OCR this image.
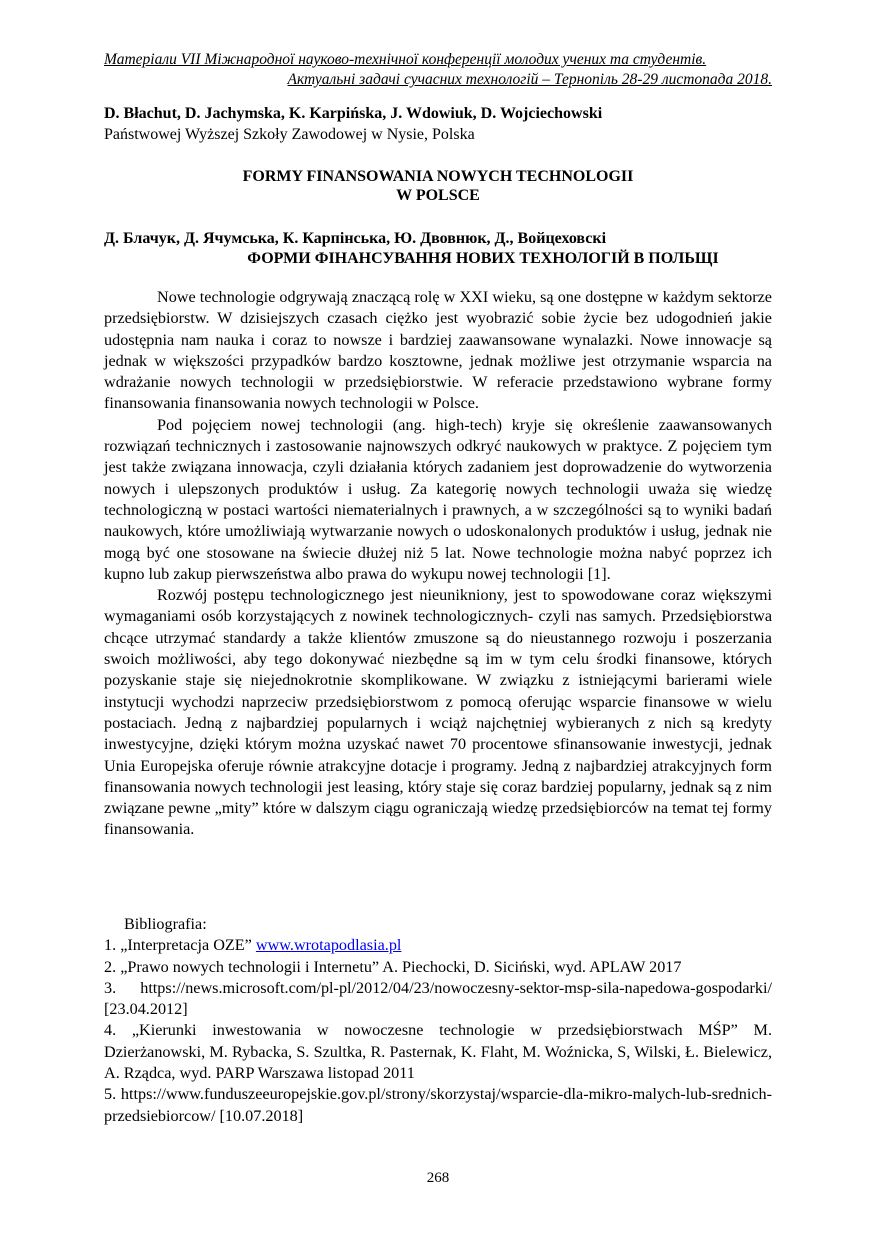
Матеріали VII Міжнародної науково-технічної конференції молодих учених та студентів.
Актуальні задачі сучасних технологій – Тернопіль 28-29 листопада 2018.
D. Błachut, D. Jachymska, K. Karpińska, J. Wdowiuk, D. Wojciechowski
Państwowej Wyższej Szkoły Zawodowej w Nysie, Polska
FORMY FINANSOWANIA NOWYCH TECHNOLOGII
W POLSCE
Д. Блачук, Д. Ячумська, К. Карпінська, Ю. Двовнюк, Д., Войцеховскі
ФОРМИ ФІНАНСУВАННЯ НОВИХ ТЕХНОЛОГІЙ В ПОЛЬЩІ

Nowe technologie odgrywają znaczącą rolę w XXI wieku, są one dostępne w każdym sektorze przedsiębiorstw. W dzisiejszych czasach ciężko jest wyobrazić sobie życie bez udogodnień jakie udostępnia nam nauka i coraz to nowsze i bardziej zaawansowane wynalazki. Nowe innowacje są jednak w większości przypadków bardzo kosztowne, jednak możliwe jest otrzymanie wsparcia na wdrażanie nowych technologii w przedsiębiorstwie. W referacie przedstawiono wybrane formy finansowania finansowania nowych technologii w Polsce.

Pod pojęciem nowej technologii (ang. high-tech) kryje się określenie zaawansowanych rozwiązań technicznych i zastosowanie najnowszych odkryć naukowych w praktyce. Z pojęciem tym jest także związana innowacja, czyli działania których zadaniem jest doprowadzenie do wytworzenia nowych i ulepszonych produktów i usług. Za kategorię nowych technologii uważa się wiedzę technologiczną w postaci wartości niematerialnych i prawnych, a w szczególności są to wyniki badań naukowych, które umożliwiają wytwarzanie nowych o udoskonalonych produktów i usług, jednak nie mogą być one stosowane na świecie dłużej niż 5 lat. Nowe technologie można nabyć poprzez ich kupno lub zakup pierwszeństwa albo prawa do wykupu nowej technologii [1].

Rozwój postępu technologicznego jest nieunikniony, jest to spowodowane coraz większymi wymaganiami osób korzystających z nowinek technologicznych- czyli nas samych. Przedsiębiorstwa chcące utrzymać standardy a także klientów zmuszone są do nieustannego rozwoju i poszerzania swoich możliwości, aby tego dokonywać niezbędne są im w tym celu środki finansowe, których pozyskanie staje się niejednokrotnie skomplikowane. W związku z istniejącymi barierami wiele instytucji wychodzi naprzeciw przedsiębiorstwom z pomocą oferując wsparcie finansowe w wielu postaciach. Jedną z najbardziej popularnych i wciąż najchętniej wybieranych z nich są kredyty inwestycyjne, dzięki którym można uzyskać nawet 70 procentowe sfinansowanie inwestycji, jednak Unia Europejska oferuje równie atrakcyjne dotacje i programy. Jedną z najbardziej atrakcyjnych form finansowania nowych technologii jest leasing, który staje się coraz bardziej popularny, jednak są z nim związane pewne „mity” które w dalszym ciągu ograniczają wiedzę przedsiębiorców na temat tej formy finansowania.

Bibliografia:
1. „Interpretacja OZE” www.wrotapodlasia.pl
2. „Prawo nowych technologii i Internetu” A. Piechocki, D. Siciński, wyd. APLAW 2017
3. https://news.microsoft.com/pl-pl/2012/04/23/nowoczesny-sektor-msp-sila-napedowa-gospodarki/ [23.04.2012]
4. „Kierunki inwestowania w nowoczesne technologie w przedsiębiorstwach MŚP” M. Dzierżanowski, M. Rybacka, S. Szultka, R. Pasternak, K. Flaht, M. Woźnicka, S, Wilski, Ł. Bielewicz, A. Rządca, wyd. PARP Warszawa listopad 2011
5. https://www.funduszeeuropejskie.gov.pl/strony/skorzystaj/wsparcie-dla-mikro-malych-lub-srednich-przedsiebiorcow/ [10.07.2018]
268
